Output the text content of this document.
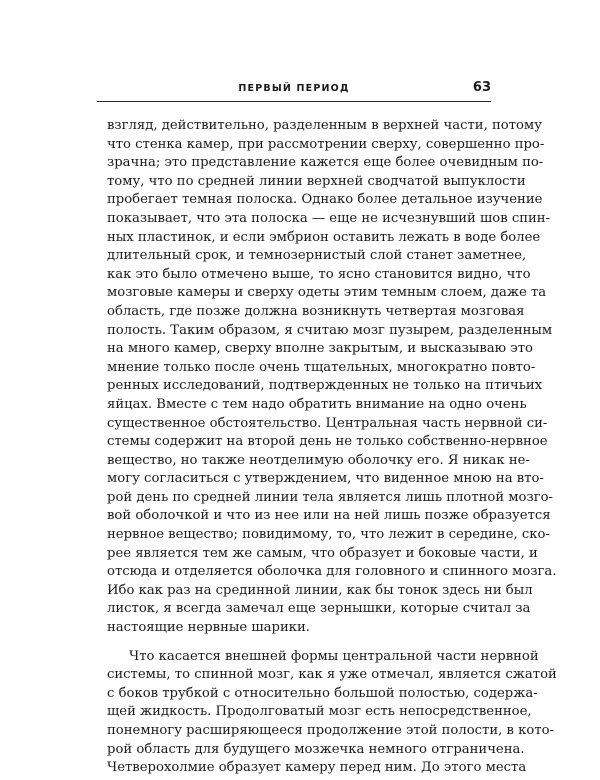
ПЕРВЫЙ ПЕРИОД	63

взгляд, действительно, разделенным в верхней части, потому
что стенка камер, при рассмотрении сверху, совершенно про-
зрачна; это представление кажется еще более очевидным по-
тому, что по средней линии верхней сводчатой выпуклости
пробегает темная полоска. Однако более детальное изучение
показывает, что эта полоска — еще не исчезнувший шов спин-
ных пластинок, и если эмбрион оставить лежать в воде более
длительный срок, и темнозернистый слой станет заметнее,
как это было отмечено выше, то ясно становится видно, что
мозговые камеры и сверху одеты этим темным слоем, даже та
область, где позже должна возникнуть четвертая мозговая
полость. Таким образом, я считаю мозг пузырем, разделенным
на много камер, сверху вполне закрытым, и высказываю это
мнение только после очень тщательных, многократно повто-
ренных исследований, подтвержденных не только на птичьих
яйцах. Вместе с тем надо обратить внимание на одно очень
существенное обстоятельство. Центральная часть нервной си-
стемы содержит на второй день не только собственно-нервное
вещество, но также неотделимую оболочку его. Я никак не-
могу согласиться с утверждением, что виденное мною на вто-
рой день по средней линии тела является лишь плотной мозго-
вой оболочкой и что из нее или на ней лишь позже образуется
нервное вещество; повидимому, то, что лежит в середине, ско-
рее является тем же самым, что образует и боковые части, и
отсюда и отделяется оболочка для головного и спинного мозга.
Ибо как раз на срединной линии, как бы тонок здесь ни был
листок, я всегда замечал еще зернышки, которые считал за
настоящие нервные шарики.

Что касается внешней формы центральной части нервной
системы, то спинной мозг, как я уже отмечал, является сжатой
с боков трубкой с относительно большой полостью, содержа-
щей жидкость. Продолговатый мозг есть непосредственное,
понемногу расширяющееся продолжение этой полости, в кото-
рой область для будущего мозжечка немного отграничена.
Четверохолмие образует камеру перед ним. До этого места
